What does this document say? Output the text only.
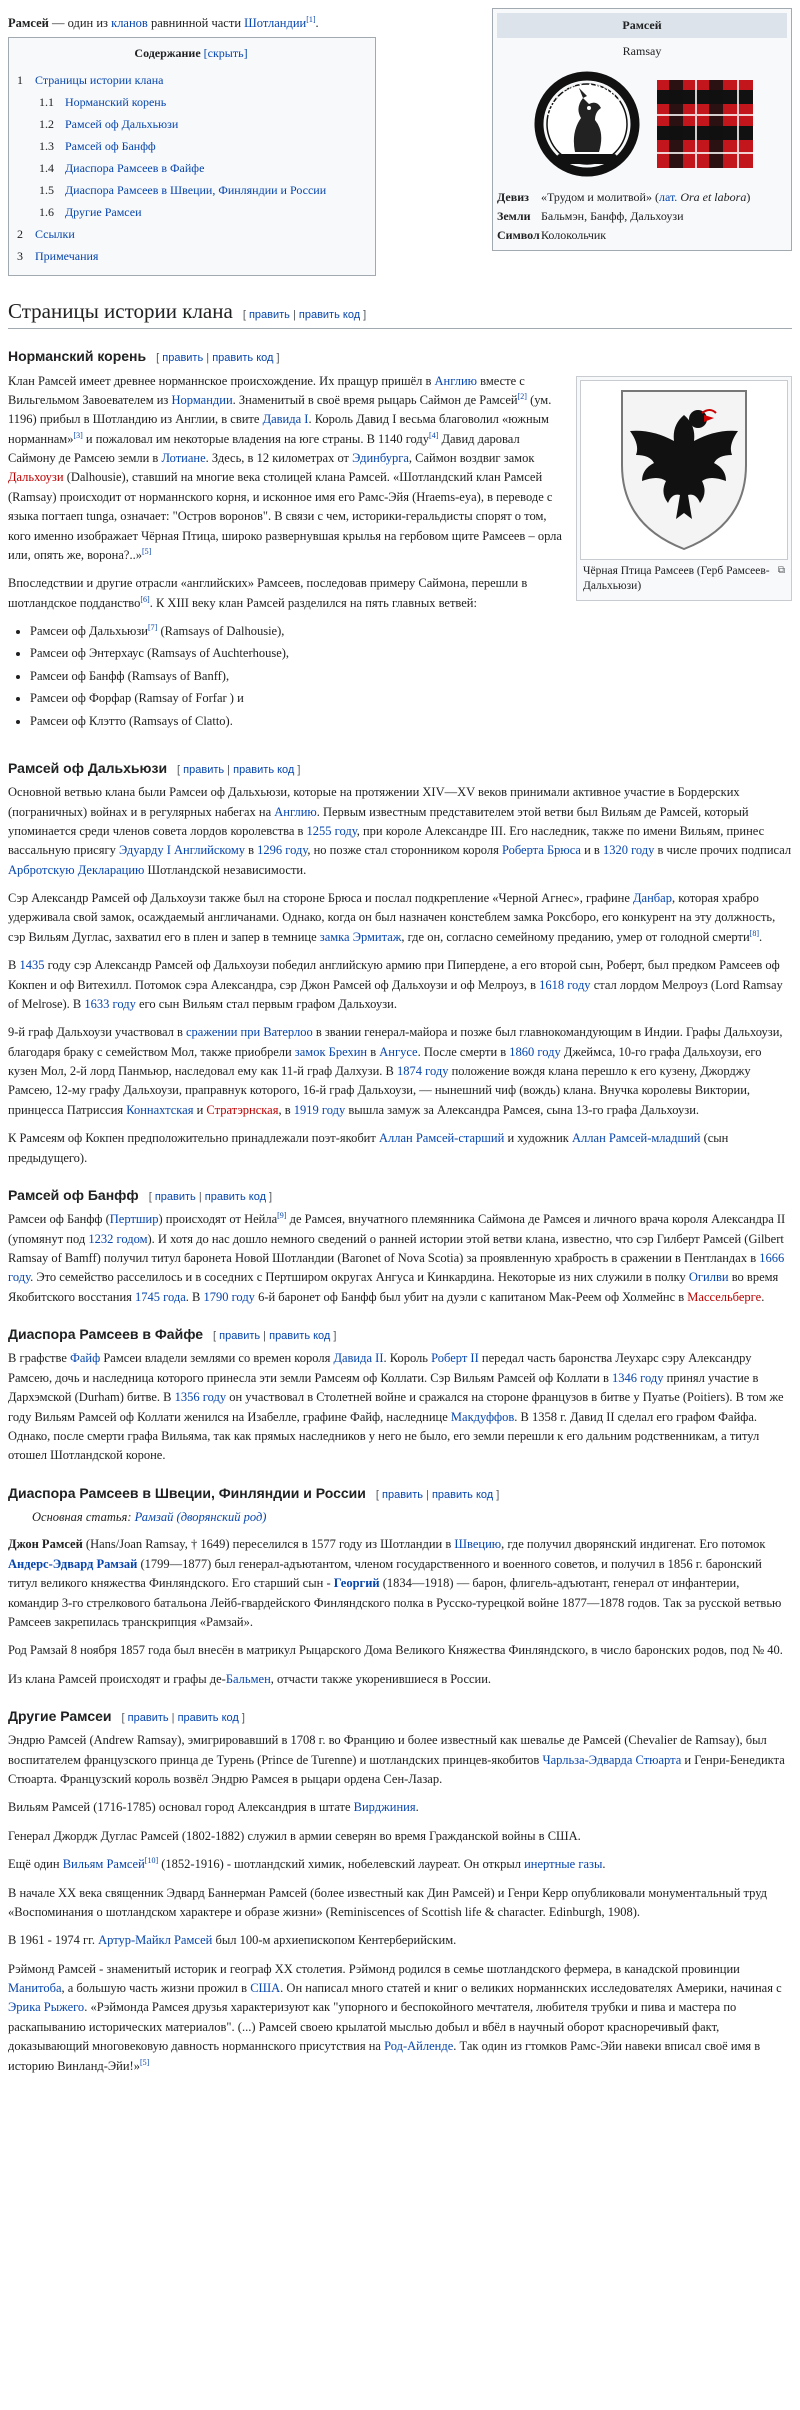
Рамсей — один из кланов равнинной части Шотландии[1].

Содержание [скрыть]
1 Страницы истории клана
1.1 Норманский корень
1.2 Рамсей оф Дальхьюзи
1.3 Рамсей оф Банфф
1.4 Диаспора Рамсеев в Файфе
1.5 Диаспора Рамсеев в Швеции, Финляндии и России
1.6 Другие Рамсеи
2 Ссылки
3 Примечания
Страницы истории клана [ править | править код ]
Норманский корень [ править | править код ]
⧉
Чёрная Птица Рамсеев (Герб Рамсеев-Дальхьюзи)

Клан Рамсей имеет древнее норманнское происхождение. Их пращур пришёл в Англию вместе с Вильгельмом Завоевателем из Нормандии. Знаменитый в своё время рыцарь Саймон де Рамсей[2] (ум. 1196) прибыл в Шотландию из Англии, в свите Давида I. Король Давид I весьма благоволил «южным норманнам»[3] и пожаловал им некоторые владения на юге страны. В 1140 году[4] Давид даровал Саймону де Рамсею земли в Лотиане. Здесь, в 12 километрах от Эдинбурга, Саймон воздвиг замок Дальхоузи (Dalhousie), ставший на многие века столицей клана Рамсей. «Шотландский клан Рамсей (Ramsay) происходит от норманнского корня, и исконное имя его Рамс-Эйя (Hraems-eya), в переводе с языка погтаеп tunga, означает: "Остров воронов". В связи с чем, историки-геральдисты спорят о том, кого именно изображает Чёрная Птица, широко развернувшая крылья на гербовом щите Рамсеев – орла или, опять же, ворона?..»[5]

Впоследствии и другие отрасли «английских» Рамсеев, последовав примеру Саймона, перешли в шотландское подданство[6]. К XIII веку клан Рамсей разделился на пять главных ветвей:

• Рамсеи оф Дальхьюзи[7] (Ramsays of Dalhousie),
• Рамсеи оф Энтерхаус (Ramsays of Auchterhouse),
• Рамсеи оф Банфф (Ramsays of Banff),
• Рамсеи оф Форфар (Ramsay of Forfar ) и
• Рамсеи оф Клэтто (Ramsays of Clatto).
Рамсей оф Дальхьюзи [ править | править код ]

Основной ветвью клана были Рамсеи оф Дальхьюзи, которые на протяжении XIV—XV веков принимали активное участие в Бордерских (пограничных) войнах и в регулярных набегах на Англию. Первым известным представителем этой ветви был Вильям де Рамсей, который упоминается среди членов совета лордов королевства в 1255 году, при короле Александре III. Его наследник, также по имени Вильям, принес вассальную присягу Эдуарду I Английскому в 1296 году, но позже стал сторонником короля Роберта Брюса и в 1320 году в числе прочих подписал Арбротскую Декларацию Шотландской независимости.

Сэр Александр Рамсей оф Дальхоузи также был на стороне Брюса и послал подкрепление «Черной Агнес», графине Данбар, которая храбро удерживала свой замок, осаждаемый англичанами. Однако, когда он был назначен констеблем замка Роксборо, его конкурент на эту должность, сэр Вильям Дуглас, захватил его в плен и запер в темнице замка Эрмитаж, где он, согласно семейному преданию, умер от голодной смерти[8].

В 1435 году сэр Александр Рамсей оф Дальхоузи победил английскую армию при Пипердене, а его второй сын, Роберт, был предком Рамсеев оф Кокпен и оф Витехилл. Потомок сэра Александра, сэр Джон Рамсей оф Дальхоузи и оф Мелроуз, в 1618 году стал лордом Мелроуз (Lord Ramsay of Melrose). В 1633 году его сын Вильям стал первым графом Дальхоузи.

9-й граф Дальхоузи участвовал в сражении при Ватерлоо в звании генерал-майора и позже был главнокомандующим в Индии. Графы Дальхоузи, благодаря браку с семейством Мол, также приобрели замок Брехин в Ангусе. После смерти в 1860 году Джеймса, 10-го графа Дальхоузи, его кузен Мол, 2-й лорд Панмьюр, наследовал ему как 11-й граф Далхузи. В 1874 году положение вождя клана перешло к его кузену, Джорджу Рамсею, 12-му графу Дальхоузи, праправнук которого, 16-й граф Дальхоузи, — нынешний чиф (вождь) клана. Внучка королевы Виктории, принцесса Патриссия Коннахтская и Стратэрнская, в 1919 году вышла замуж за Александра Рамсея, сына 13-го графа Дальхоузи.

К Рамсеям оф Кокпен предположительно принадлежали поэт-якобит Аллан Рамсей-старший и художник Аллан Рамсей-младший (сын предыдущего).

Рамсей оф Банфф [ править | править код ]

Рамсеи оф Банфф (Пертшир) происходят от Нейла[9] де Рамсея, внучатного племянника Саймона де Рамсея и личного врача короля Александра II (упомянут под 1232 годом). И хотя до нас дошло немного сведений о ранней истории этой ветви клана, известно, что сэр Гилберт Рамсей (Gilbert Ramsay of Bamff) получил титул баронета Новой Шотландии (Baronet of Nova Scotia) за проявленную храбрость в сражении в Пентландах в 1666 году. Это семейство расселилось и в соседних с Пертширом округах Ангуса и Кинкардина. Некоторые из них служили в полку Огилви во время Якобитского восстания 1745 года. В 1790 году 6-й баронет оф Банфф был убит на дуэли с капитаном Мак-Реем оф Холмейнс в Массельберге.

Диаспора Рамсеев в Файфе [ править | править код ]

В графстве Файф Рамсеи владели землями со времен короля Давида II. Король Роберт II передал часть баронства Леухарс сэру Александру Рамсею, дочь и наследница которого принесла эти земли Рамсеям оф Коллати. Сэр Вильям Рамсей оф Коллати в 1346 году принял участие в Дархэмской (Durham) битве. В 1356 году он участвовал в Столетней войне и сражался на стороне французов в битве у Пуатье (Poitiers). В том же году Вильям Рамсей оф Коллати женился на Изабелле, графине Файф, наследнице Макдуффов. В 1358 г. Давид II сделал его графом Файфа. Однако, после смерти графа Вильяма, так как прямых наследников у него не было, его земли перешли к его дальним родственникам, а титул отошел Шотландской короне.

Диаспора Рамсеев в Швеции, Финляндии и России [ править | править код ]
Основная статья: Рамзай (дворянский род)

Джон Рамсей (Hans/Joan Ramsay, † 1649) переселился в 1577 году из Шотландии в Швецию, где получил дворянский индигенат. Его потомок Андерс-Эдвард Рамзай (1799—1877) был генерал-адъютантом, членом государственного и военного советов, и получил в 1856 г. баронский титул великого княжества Финляндского. Его старший сын - Георгий (1834—1918) — барон, флигель-адъютант, генерал от инфантерии, командир 3-го стрелкового батальона Лейб-гвардейского Финляндского полка в Русско-турецкой войне 1877—1878 годов. Так за русской ветвью Рамсеев закрепилась транскрипция «Рамзай».

Род Рамзай 8 ноября 1857 года был внесён в матрикул Рыцарского Дома Великого Княжества Финляндского, в число баронских родов, под № 40.

Из клана Рамсей происходят и графы де-Бальмен, отчасти также укоренившиеся в России.

Другие Рамсеи [ править | править код ]

Эндрю Рамсей (Andrew Ramsay), эмигрировавший в 1708 г. во Францию и более известный как шевалье де Рамсей (Chevalier de Ramsay), был воспитателем французского принца де Турень (Prince de Turenne) и шотландских принцев-якобитов Чарльза-Эдварда Стюарта и Генри-Бенедикта Стюарта. Французский король возвёл Эндрю Рамсея в рыцари ордена Сен-Лазар.

Вильям Рамсей (1716-1785) основал город Александрия в штате Вирджиния.

Генерал Джордж Дуглас Рамсей (1802-1882) служил в армии северян во время Гражданской войны в США.

Ещё один Вильям Рамсей[10] (1852-1916) - шотландский химик, нобелевский лауреат. Он открыл инертные газы.

В начале XX века священник Эдвард Баннерман Рамсей (более известный как Дин Рамсей) и Генри Керр опубликовали монументальный труд «Воспоминания о шотландском характере и образе жизни» (Reminiscences of Scottish life & character. Edinburgh, 1908).

В 1961 - 1974 гг. Артур-Майкл Рамсей был 100-м архиепископом Кентерберийским.

Рэймонд Рамсей - знаменитый историк и географ XX столетия. Рэймонд родился в семье шотландского фермера, в канадской провинции Манитоба, а большую часть жизни прожил в США. Он написал много статей и книг о великих норманнских исследователях Америки, начиная с Эрика Рыжего. «Рэймонда Рамсея друзья характеризуют как "упорного и беспокойного мечтателя, любителя трубки и пива и мастера по раскапыванию исторических материалов". (...) Рамсей своею крылатой мыслью добыл и вбёл в научный оборот красноречивый факт, доказывающий многовековую давность норманнского присутствия на Род-Айленде. Так один из гтомков Рамс-Эйи навеки вписал своё имя в историю Винланд-Эйи!»[5]

Рамсей
Ramsay
ORA ET LABORA
Девиз	«Трудом и молитвой» (лат. Ora et labora)
Земли Бальмэн, Банфф, Дальхоузи
Символ Колокольчик
